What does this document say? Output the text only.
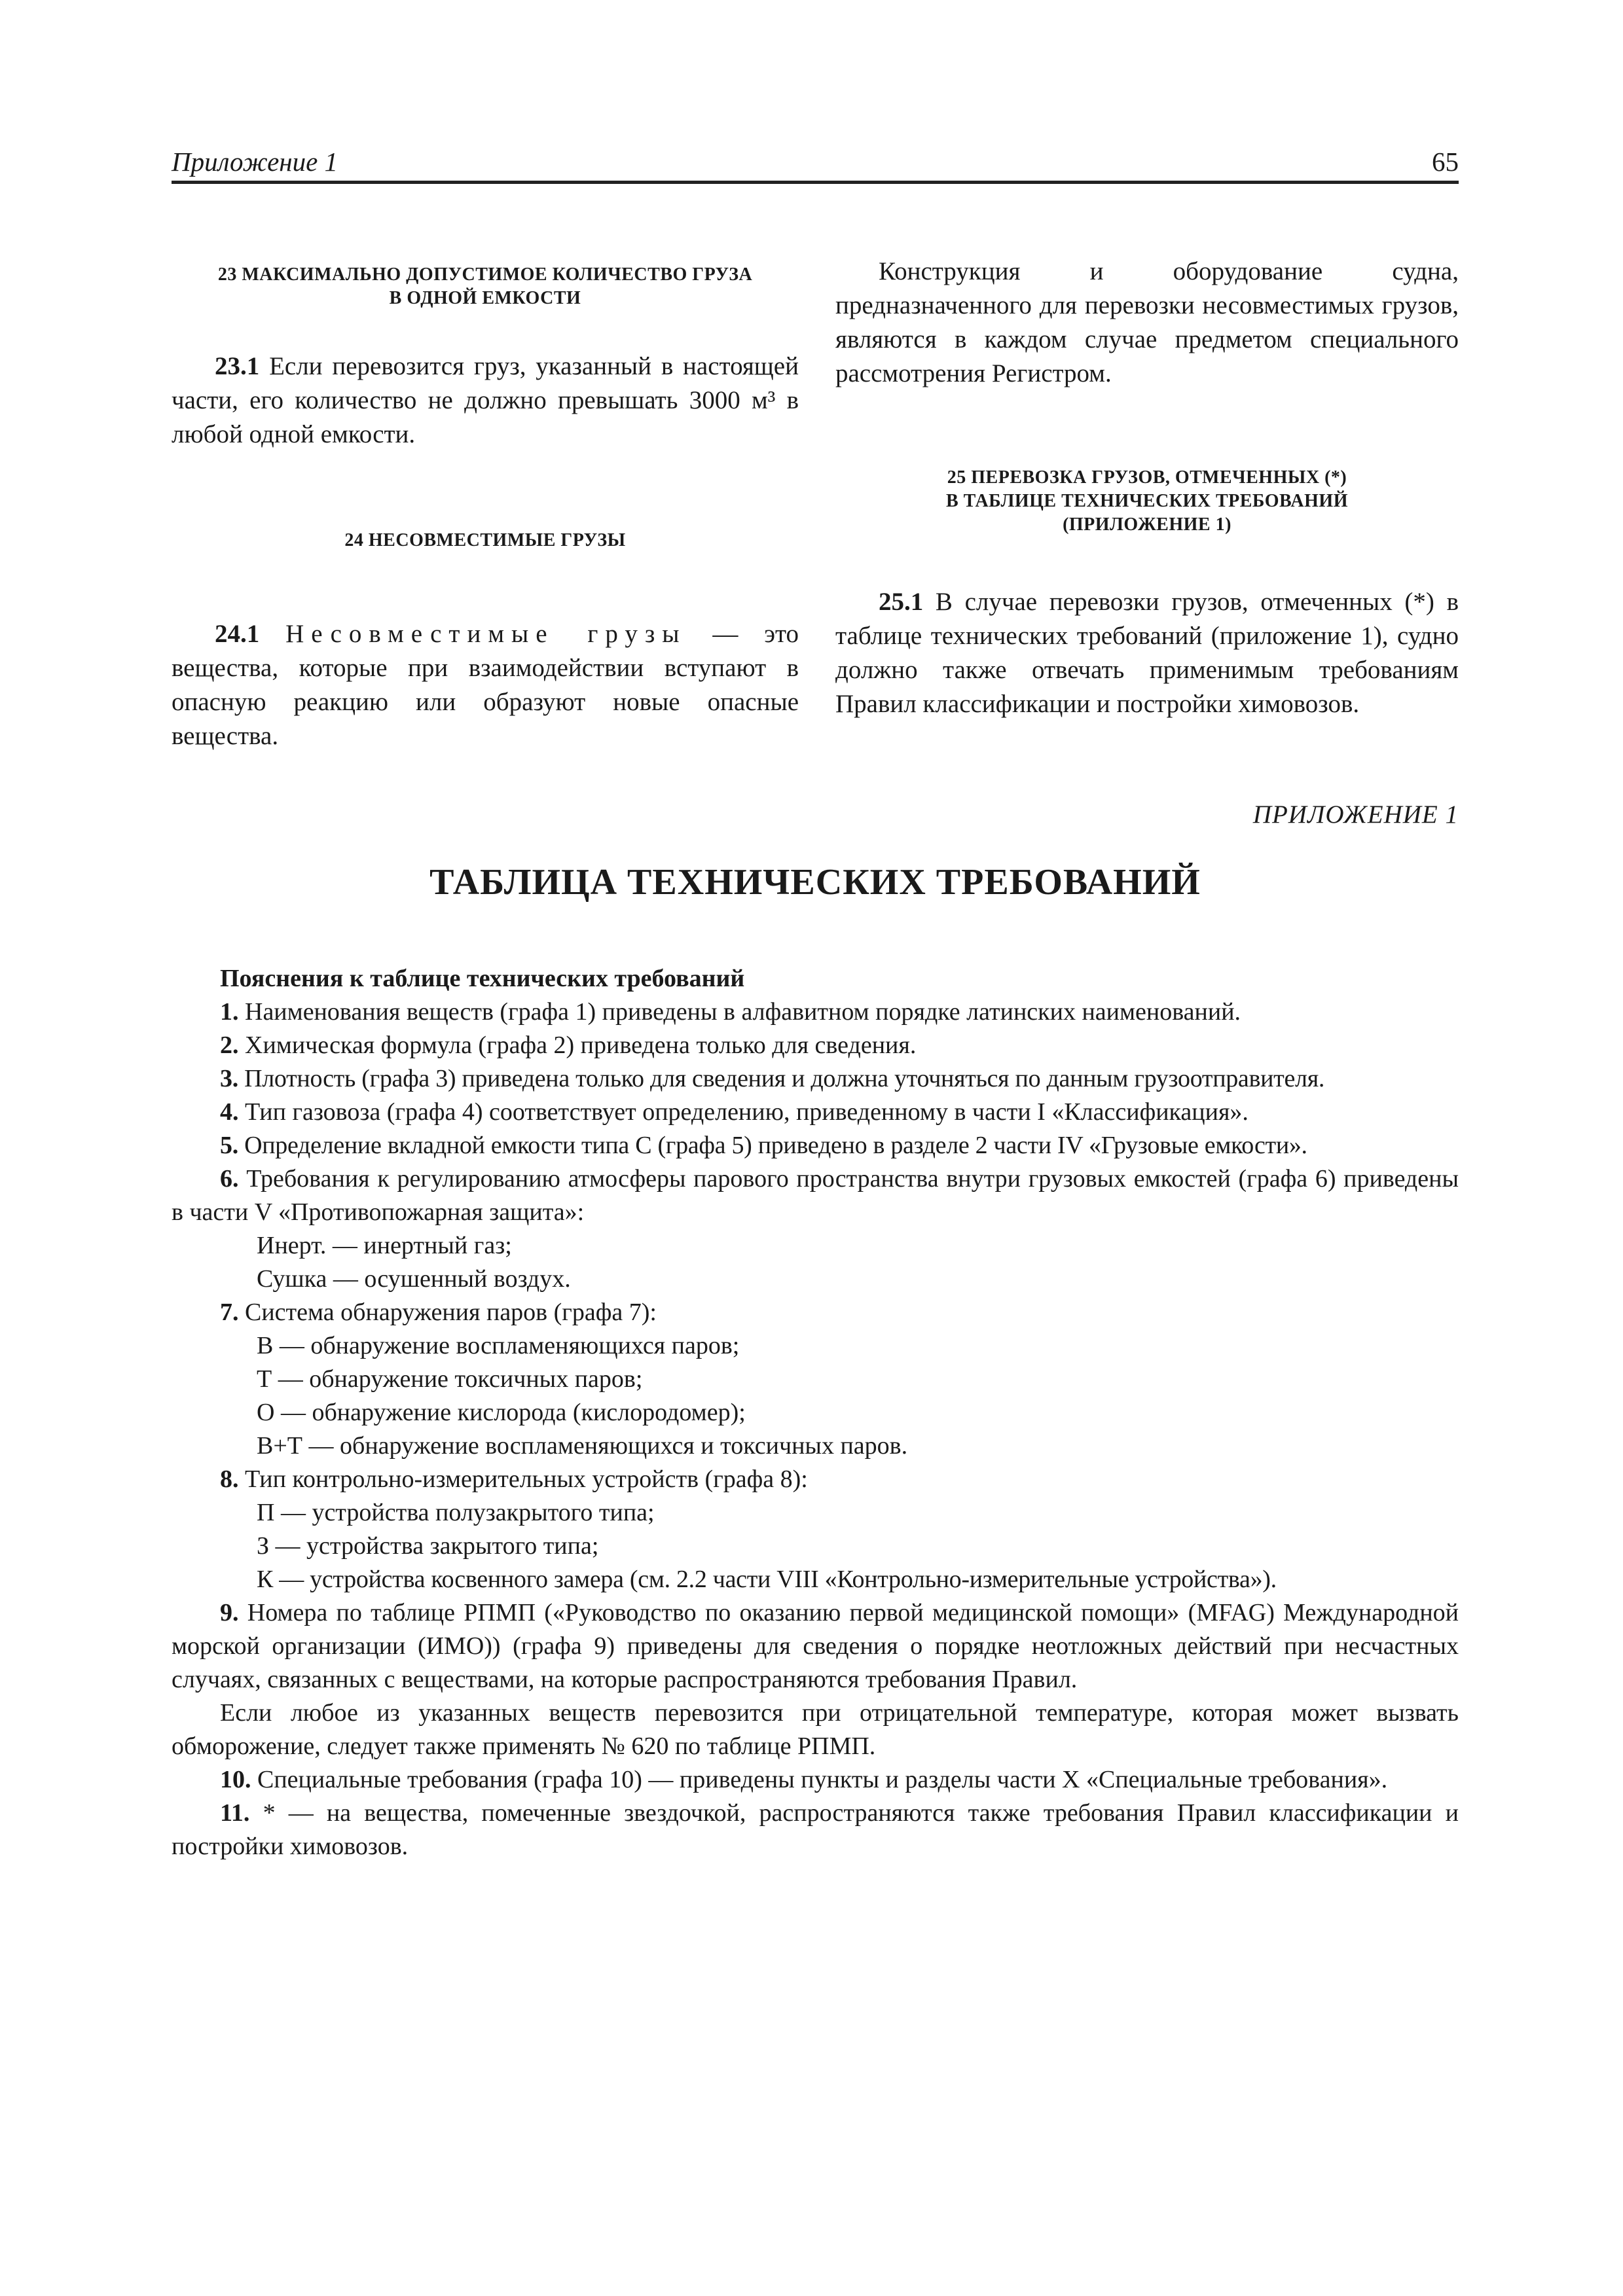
Приложение 1	65
23 МАКСИМАЛЬНО ДОПУСТИМОЕ КОЛИЧЕСТВО ГРУЗА
В ОДНОЙ ЕМКОСТИ

23.1 Если перевозится груз, указанный в настоящей части, его количество не должно превышать 3000 м³ в любой одной емкости.

24 НЕСОВМЕСТИМЫЕ ГРУЗЫ

24.1 Несовместимые грузы — это вещества, которые при взаимодействии вступают в опасную реакцию или образуют новые опасные вещества.

Конструкция и оборудование судна, предназначенного для перевозки несовместимых грузов, являются в каждом случае предметом специального рассмотрения Регистром.

25 ПЕРЕВОЗКА ГРУЗОВ, ОТМЕЧЕННЫХ (*)
В ТАБЛИЦЕ ТЕХНИЧЕСКИХ ТРЕБОВАНИЙ
(ПРИЛОЖЕНИЕ 1)

25.1 В случае перевозки грузов, отмеченных (*) в таблице технических требований (приложение 1), судно должно также отвечать применимым требованиям Правил классификации и постройки химовозов.

ПРИЛОЖЕНИЕ 1
ТАБЛИЦА ТЕХНИЧЕСКИХ ТРЕБОВАНИЙ

Пояснения к таблице технических требований

1. Наименования веществ (графа 1) приведены в алфавитном порядке латинских наименований.

2. Химическая формула (графа 2) приведена только для сведения.

3. Плотность (графа 3) приведена только для сведения и должна уточняться по данным грузоотправителя.

4. Тип газовоза (графа 4) соответствует определению, приведенному в части I «Классификация».

5. Определение вкладной емкости типа С (графа 5) приведено в разделе 2 части IV «Грузовые емкости».

6. Требования к регулированию атмосферы парового пространства внутри грузовых емкостей (графа 6) приведены в части V «Противопожарная защита»:

Инерт. — инертный газ;

Сушка — осушенный воздух.

7. Система обнаружения паров (графа 7):

В — обнаружение воспламеняющихся паров;

Т — обнаружение токсичных паров;

О — обнаружение кислорода (кислородомер);

В+Т — обнаружение воспламеняющихся и токсичных паров.

8. Тип контрольно-измерительных устройств (графа 8):

П — устройства полузакрытого типа;

З — устройства закрытого типа;

К — устройства косвенного замера (см. 2.2 части VIII «Контрольно-измерительные устройства»).

9. Номера по таблице РПМП («Руководство по оказанию первой медицинской помощи» (MFAG) Международной морской организации (ИМО)) (графа 9) приведены для сведения о порядке неотложных действий при несчастных случаях, связанных с веществами, на которые распространяются требования Правил.

Если любое из указанных веществ перевозится при отрицательной температуре, которая может вызвать обморожение, следует также применять № 620 по таблице РПМП.

10. Специальные требования (графа 10) — приведены пункты и разделы части X «Специальные требования».

11. * — на вещества, помеченные звездочкой, распространяются также требования Правил классификации и постройки химовозов.
